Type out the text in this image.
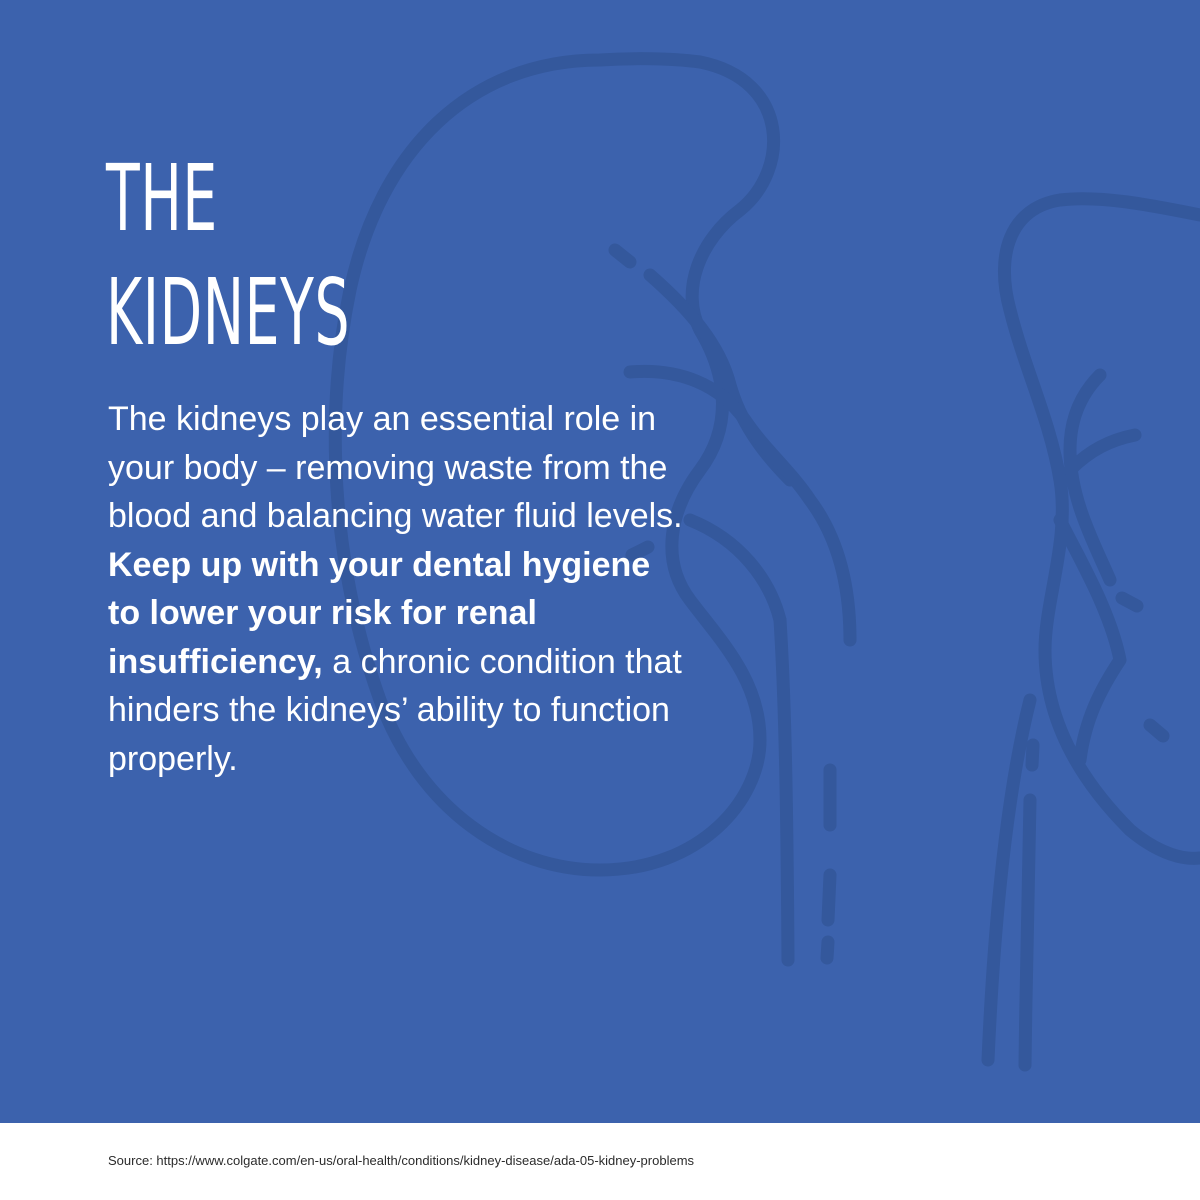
THE
KIDNEYS

The kidneys play an essential role in your body – removing waste from the blood and balancing water fluid levels. Keep up with your dental hygiene to lower your risk for renal insufficiency, a chronic condition that hinders the kidneys’ ability to function properly.

Source: https://www.colgate.com/en-us/oral-health/conditions/kidney-disease/ada-05-kidney-problems
